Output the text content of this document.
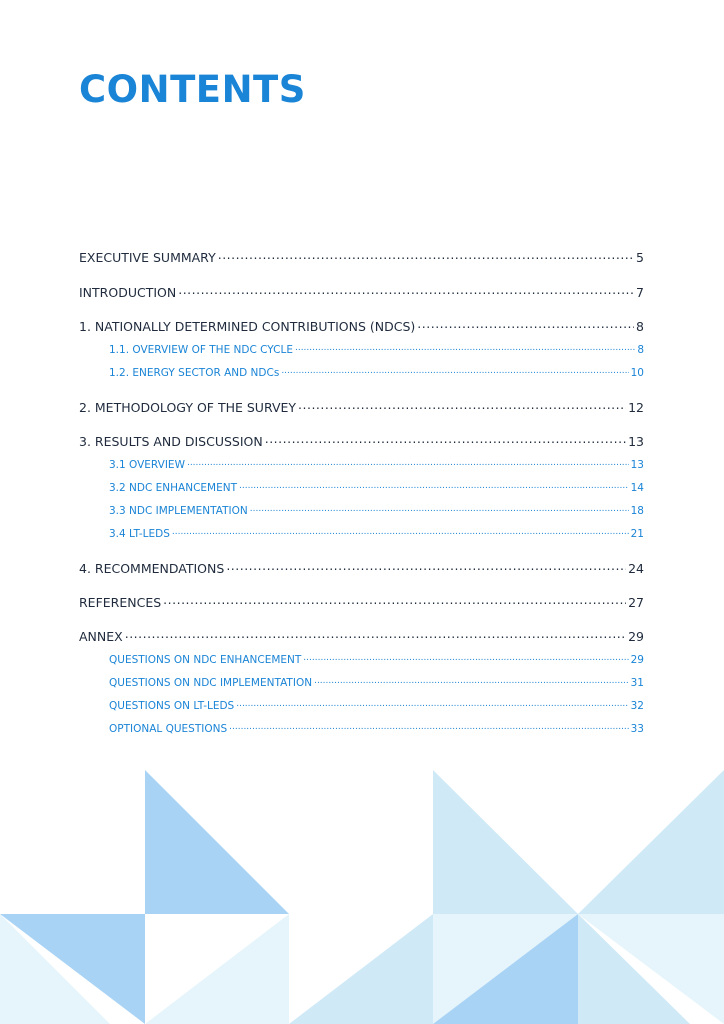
CONTENTS
EXECUTIVE SUMMARY .....	5
INTRODUCTION .....	7
1. NATIONALLY DETERMINED CONTRIBUTIONS (NDCS) .....	8
1.1. OVERVIEW OF THE NDC CYCLE .....	8
1.2. ENERGY SECTOR AND NDCs .....	10
2. METHODOLOGY OF THE SURVEY .....	12
3. RESULTS AND DISCUSSION .....	13
3.1 OVERVIEW .....	13
3.2 NDC ENHANCEMENT .....	14
3.3 NDC IMPLEMENTATION .....	18
3.4 LT-LEDS .....	21
4. RECOMMENDATIONS .....	24
REFERENCES .....	27
ANNEX .....	29
QUESTIONS ON NDC ENHANCEMENT .....	29
QUESTIONS ON NDC IMPLEMENTATION .....	31
QUESTIONS ON LT-LEDS .....	32
OPTIONAL QUESTIONS .....	33
